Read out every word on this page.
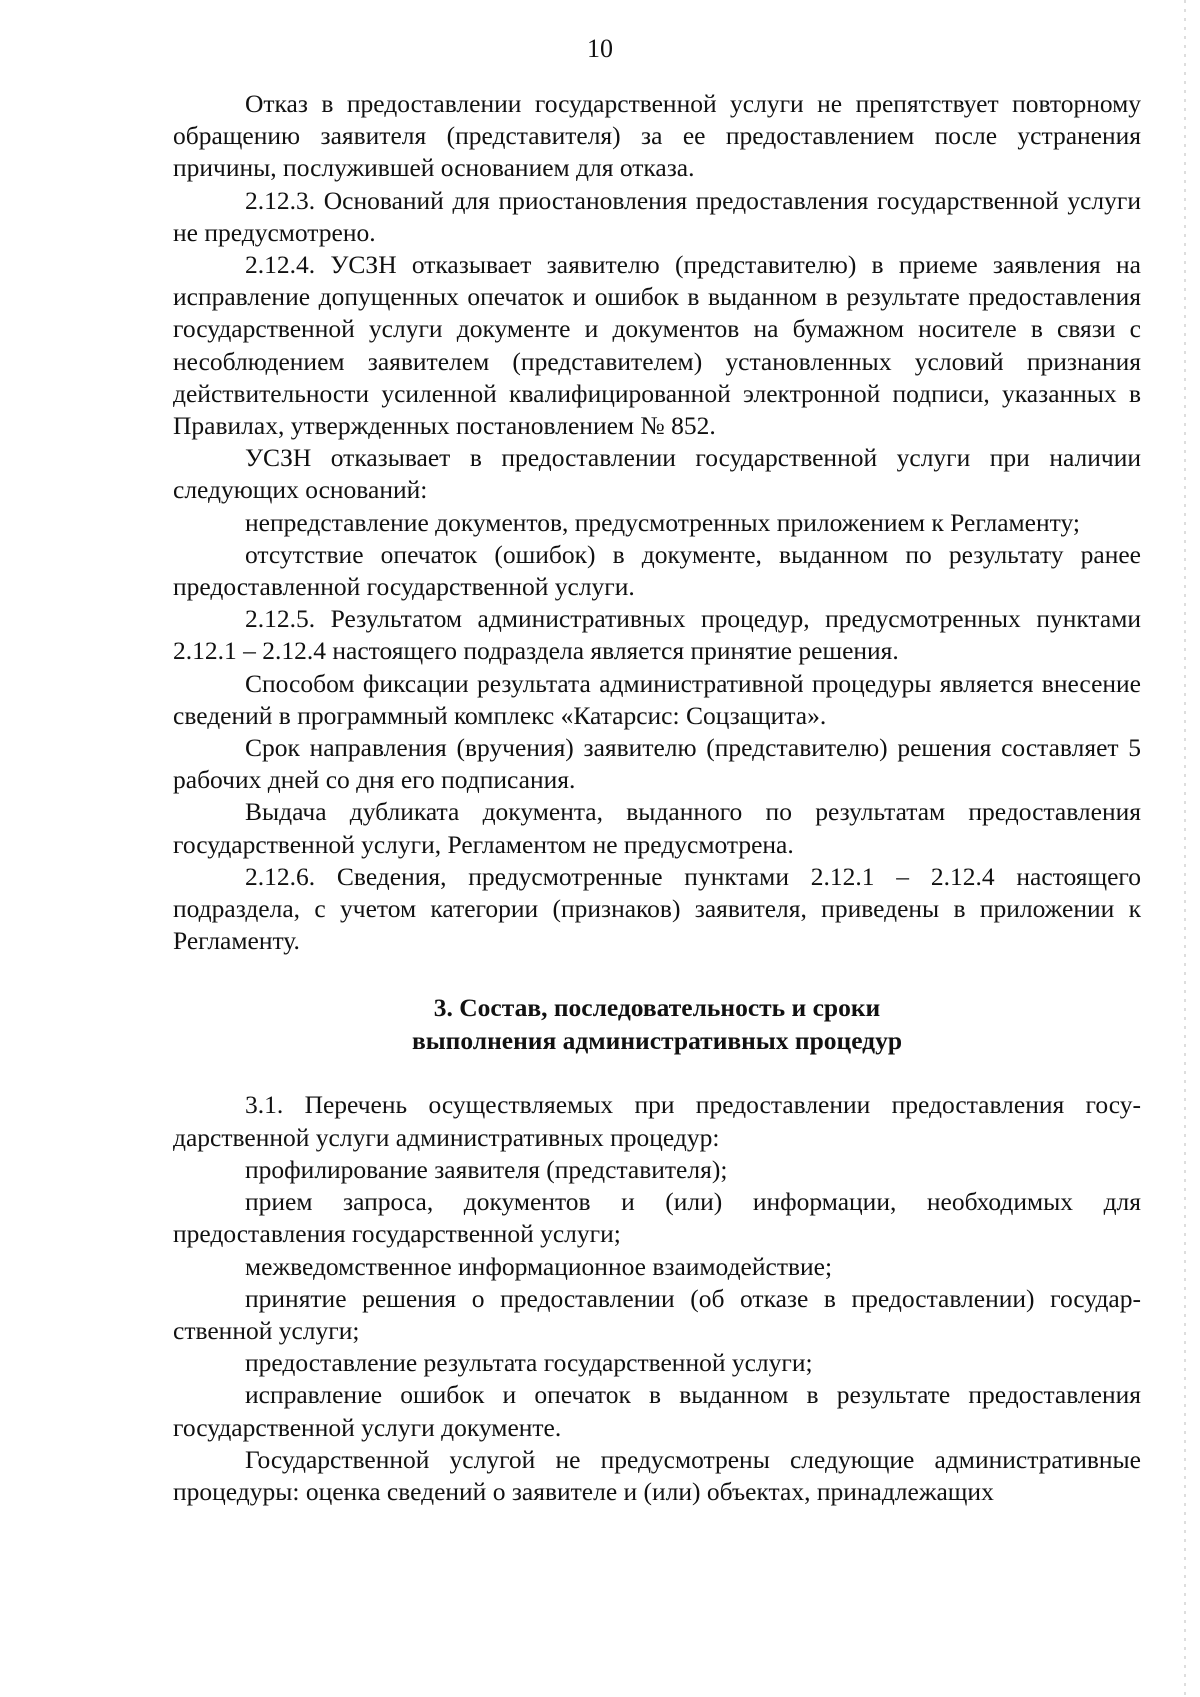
10

Отказ в предоставлении государственной услуги не препятствует повторному обращению заявителя (представителя) за ее предоставлением после устранения причины, послужившей основанием для отказа.

2.12.3. Оснований для приостановления предоставления государственной услуги не предусмотрено.

2.12.4. УСЗН отказывает заявителю (представителю) в приеме заявления на исправление допущенных опечаток и ошибок в выданном в результате предоставления государственной услуги документе и документов на бумажном носителе в связи с несоблюдением заявителем (представителем) установленных условий признания действительности усиленной квалифицированной электронной подписи, указанных в Правилах, утвержденных постановлением № 852.

УСЗН отказывает в предоставлении государственной услуги при наличии следующих оснований:

непредставление документов, предусмотренных приложением к Регламенту;

отсутствие опечаток (ошибок) в документе, выданном по результату ранее предоставленной государственной услуги.

2.12.5. Результатом административных процедур, предусмотренных пунктами 2.12.1 – 2.12.4 настоящего подраздела является принятие решения.

Способом фиксации результата административной процедуры является внесение сведений в программный комплекс «Катарсис: Соцзащита».

Срок направления (вручения) заявителю (представителю) решения составляет 5 рабочих дней со дня его подписания.

Выдача дубликата документа, выданного по результатам предоставления государственной услуги, Регламентом не предусмотрена.

2.12.6. Сведения, предусмотренные пунктами 2.12.1 – 2.12.4 настоящего подраздела, с учетом категории (признаков) заявителя, приведены в приложении к Регламенту.

3. Состав, последовательность и сроки
выполнения административных процедур

3.1. Перечень осуществляемых при предоставлении предоставления государственной услуги административных процедур:

профилирование заявителя (представителя);

прием запроса, документов и (или) информации, необходимых для предоставления государственной услуги;

межведомственное информационное взаимодействие;

принятие решения о предоставлении (об отказе в предоставлении) государственной услуги;

предоставление результата государственной услуги;

исправление ошибок и опечаток в выданном в результате предоставления государственной услуги документе.

Государственной услугой не предусмотрены следующие административные процедуры: оценка сведений о заявителе и (или) объектах, принадлежащих
